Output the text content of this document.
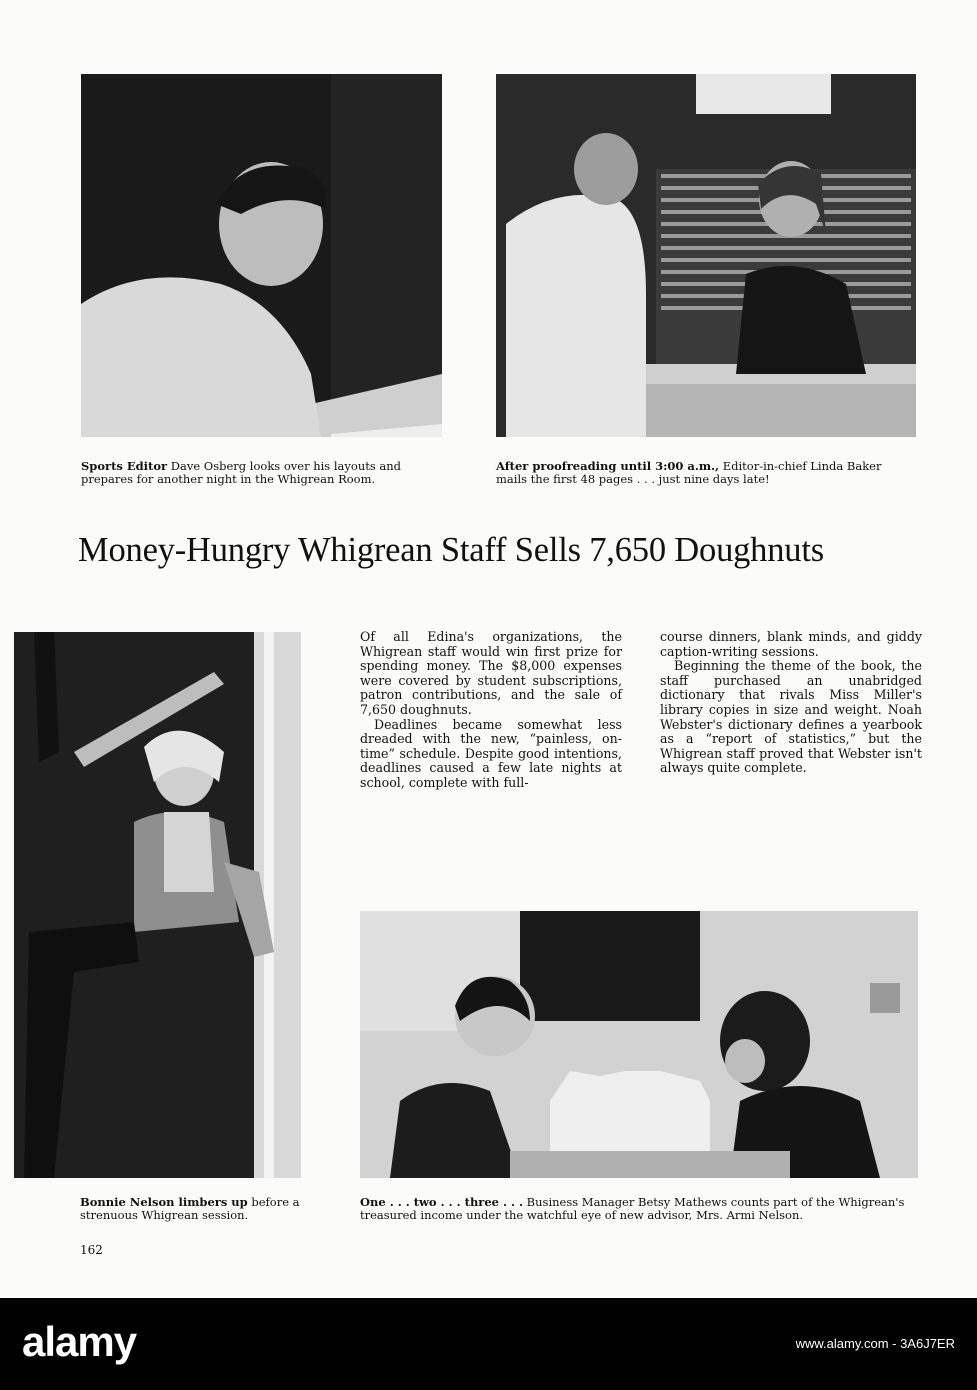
Sports Editor Dave Osberg looks over his layouts and prepares for another night in the Whigrean Room.
After proofreading until 3:00 a.m., Editor-in-chief Linda Baker mails the first 48 pages . . . just nine days late!
Money-Hungry Whigrean Staff Sells 7,650 Doughnuts
Bonnie Nelson limbers up before a strenuous Whigrean session.

Of all Edina's organizations, the Whigrean staff would win first prize for spending money. The $8,000 expenses were covered by student subscriptions, patron contributions, and the sale of 7,650 doughnuts.

Deadlines became somewhat less dreaded with the new, “painless, on-time” schedule. Despite good intentions, deadlines caused a few late nights at school, complete with full-

course dinners, blank minds, and giddy caption-writing sessions.

Beginning the theme of the book, the staff purchased an unabridged dictionary that rivals Miss Miller's library copies in size and weight. Noah Webster's dictionary defines a yearbook as a “report of statistics,” but the Whigrean staff proved that Webster isn't always quite complete.

One . . . two . . . three . . . Business Manager Betsy Mathews counts part of the Whigrean's treasured income under the watchful eye of new advisor, Mrs. Armi Nelson.
162
alamy	www.alamy.com - 3A6J7ER
